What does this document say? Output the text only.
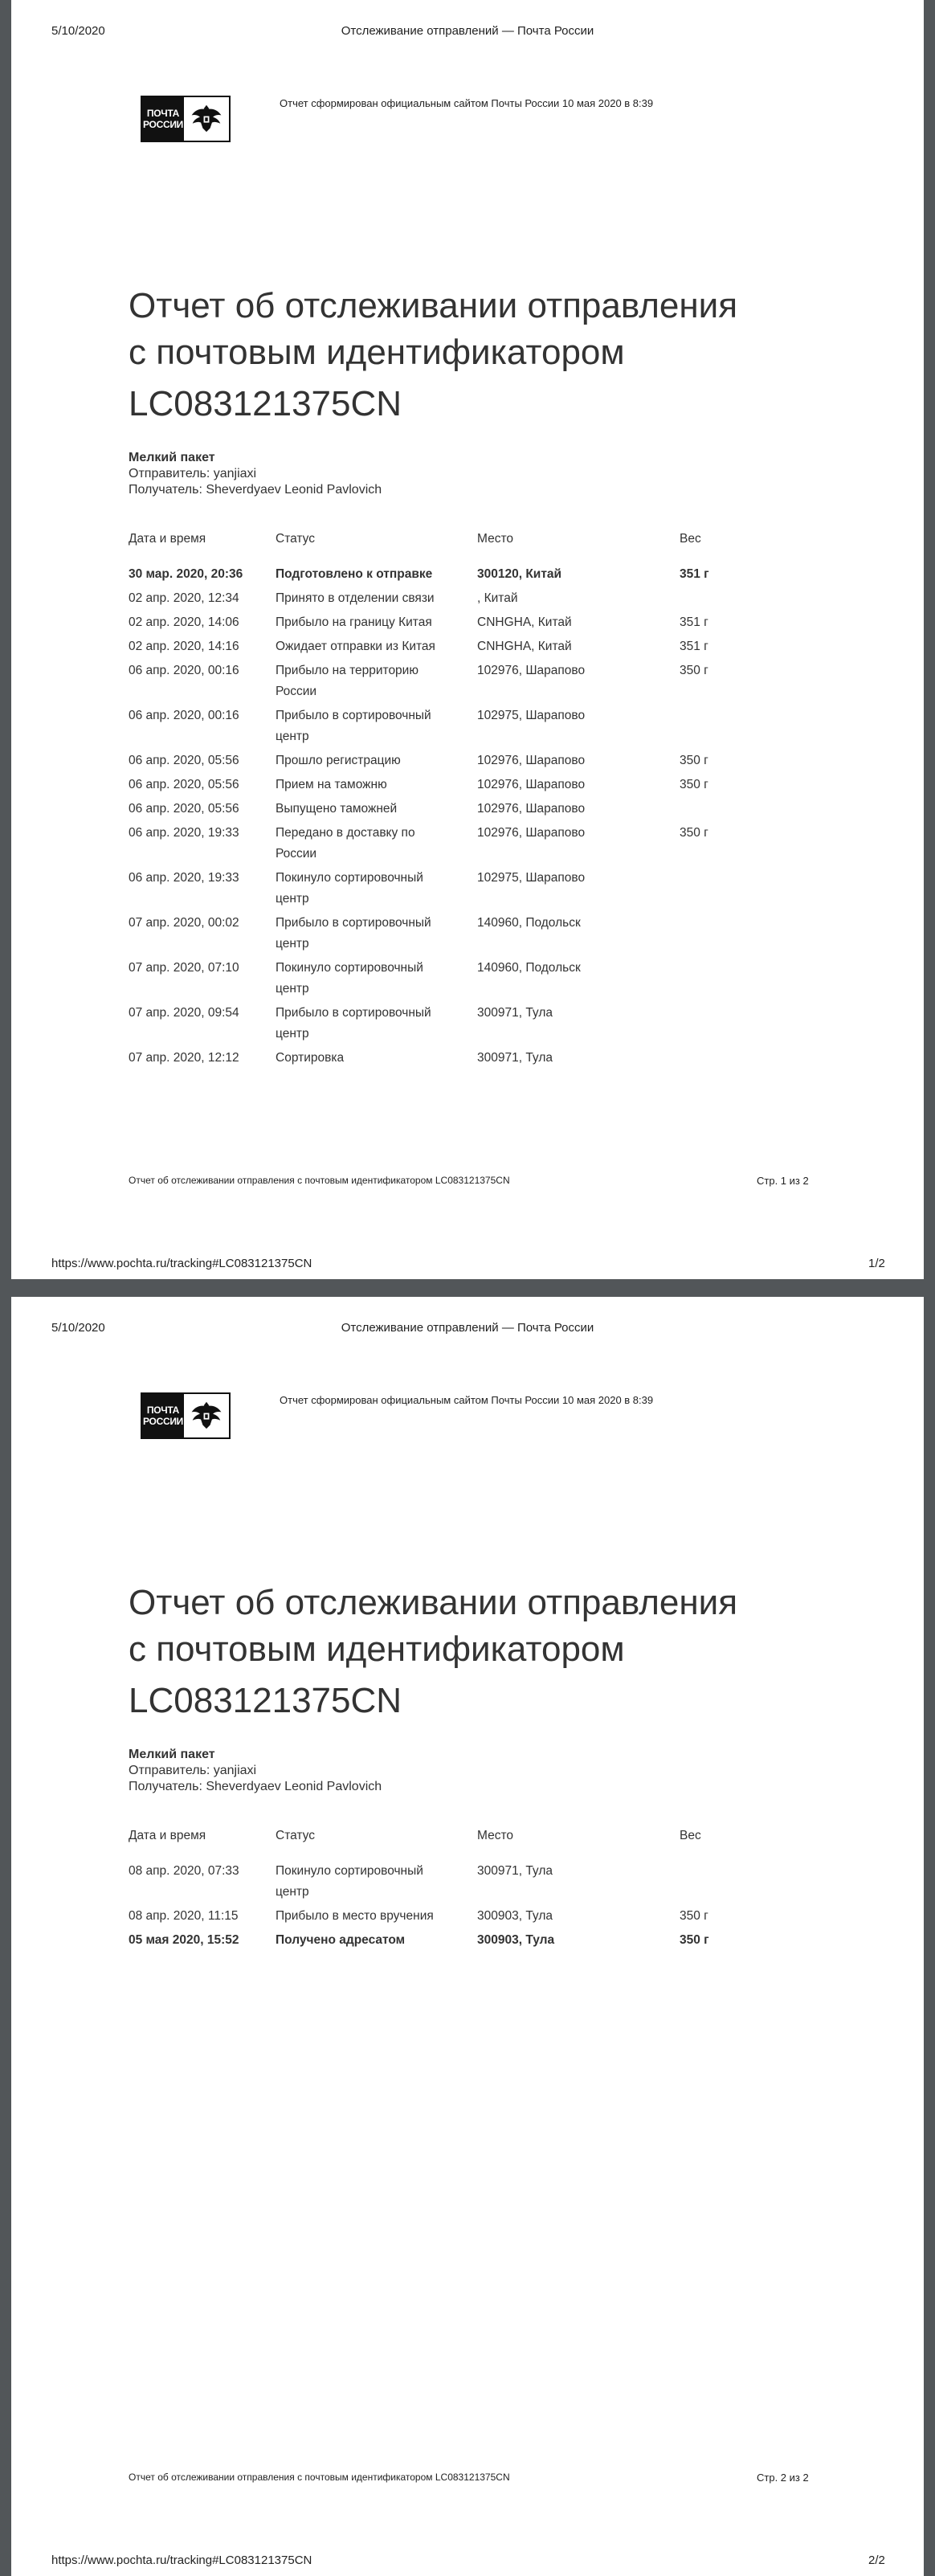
5/10/2020	Отслеживание отправлений — Почта России
ПОЧТА
РОССИИ
Отчет сформирован официальным сайтом Почты России 10 мая 2020 в 8:39
Отчет об отслеживании отправления
с почтовым идентификатором
LC083121375CN
Мелкий пакет
Отправитель: yanjiaxi
Получатель: Sheverdyaev Leonid Pavlovich
Дата и время	Статус	Место	Вес
30 мар. 2020, 20:36	Подготовлено к отправке	300120, Китай	351 г
02 апр. 2020, 12:34	Принято в отделении связи	, Китай	
02 апр. 2020, 14:06	Прибыло на границу Китая	CNHGHA, Китай	351 г
02 апр. 2020, 14:16	Ожидает отправки из Китая	CNHGHA, Китай	351 г
06 апр. 2020, 00:16	Прибыло на территорию России	102976, Шарапово	350 г
06 апр. 2020, 00:16	Прибыло в сортировочный центр	102975, Шарапово	
06 апр. 2020, 05:56	Прошло регистрацию	102976, Шарапово	350 г
06 апр. 2020, 05:56	Прием на таможню	102976, Шарапово	350 г
06 апр. 2020, 05:56	Выпущено таможней	102976, Шарапово	
06 апр. 2020, 19:33	Передано в доставку по России	102976, Шарапово	350 г
06 апр. 2020, 19:33	Покинуло сортировочный центр	102975, Шарапово	
07 апр. 2020, 00:02	Прибыло в сортировочный центр	140960, Подольск	
07 апр. 2020, 07:10	Покинуло сортировочный центр	140960, Подольск	
07 апр. 2020, 09:54	Прибыло в сортировочный центр	300971, Тула	
07 апр. 2020, 12:12	Сортировка	300971, Тула	
Отчет об отслеживании отправления с почтовым идентификатором LC083121375CN	Стр. 1 из 2
https://www.pochta.ru/tracking#LC083121375CN	1/2
5/10/2020	Отслеживание отправлений — Почта России
ПОЧТА
РОССИИ
Отчет сформирован официальным сайтом Почты России 10 мая 2020 в 8:39
Отчет об отслеживании отправления
с почтовым идентификатором
LC083121375CN
Мелкий пакет
Отправитель: yanjiaxi
Получатель: Sheverdyaev Leonid Pavlovich
Дата и время	Статус	Место	Вес
08 апр. 2020, 07:33	Покинуло сортировочный центр	300971, Тула	
08 апр. 2020, 11:15	Прибыло в место вручения	300903, Тула	350 г
05 мая 2020, 15:52	Получено адресатом	300903, Тула	350 г
Отчет об отслеживании отправления с почтовым идентификатором LC083121375CN	Стр. 2 из 2
https://www.pochta.ru/tracking#LC083121375CN	2/2
